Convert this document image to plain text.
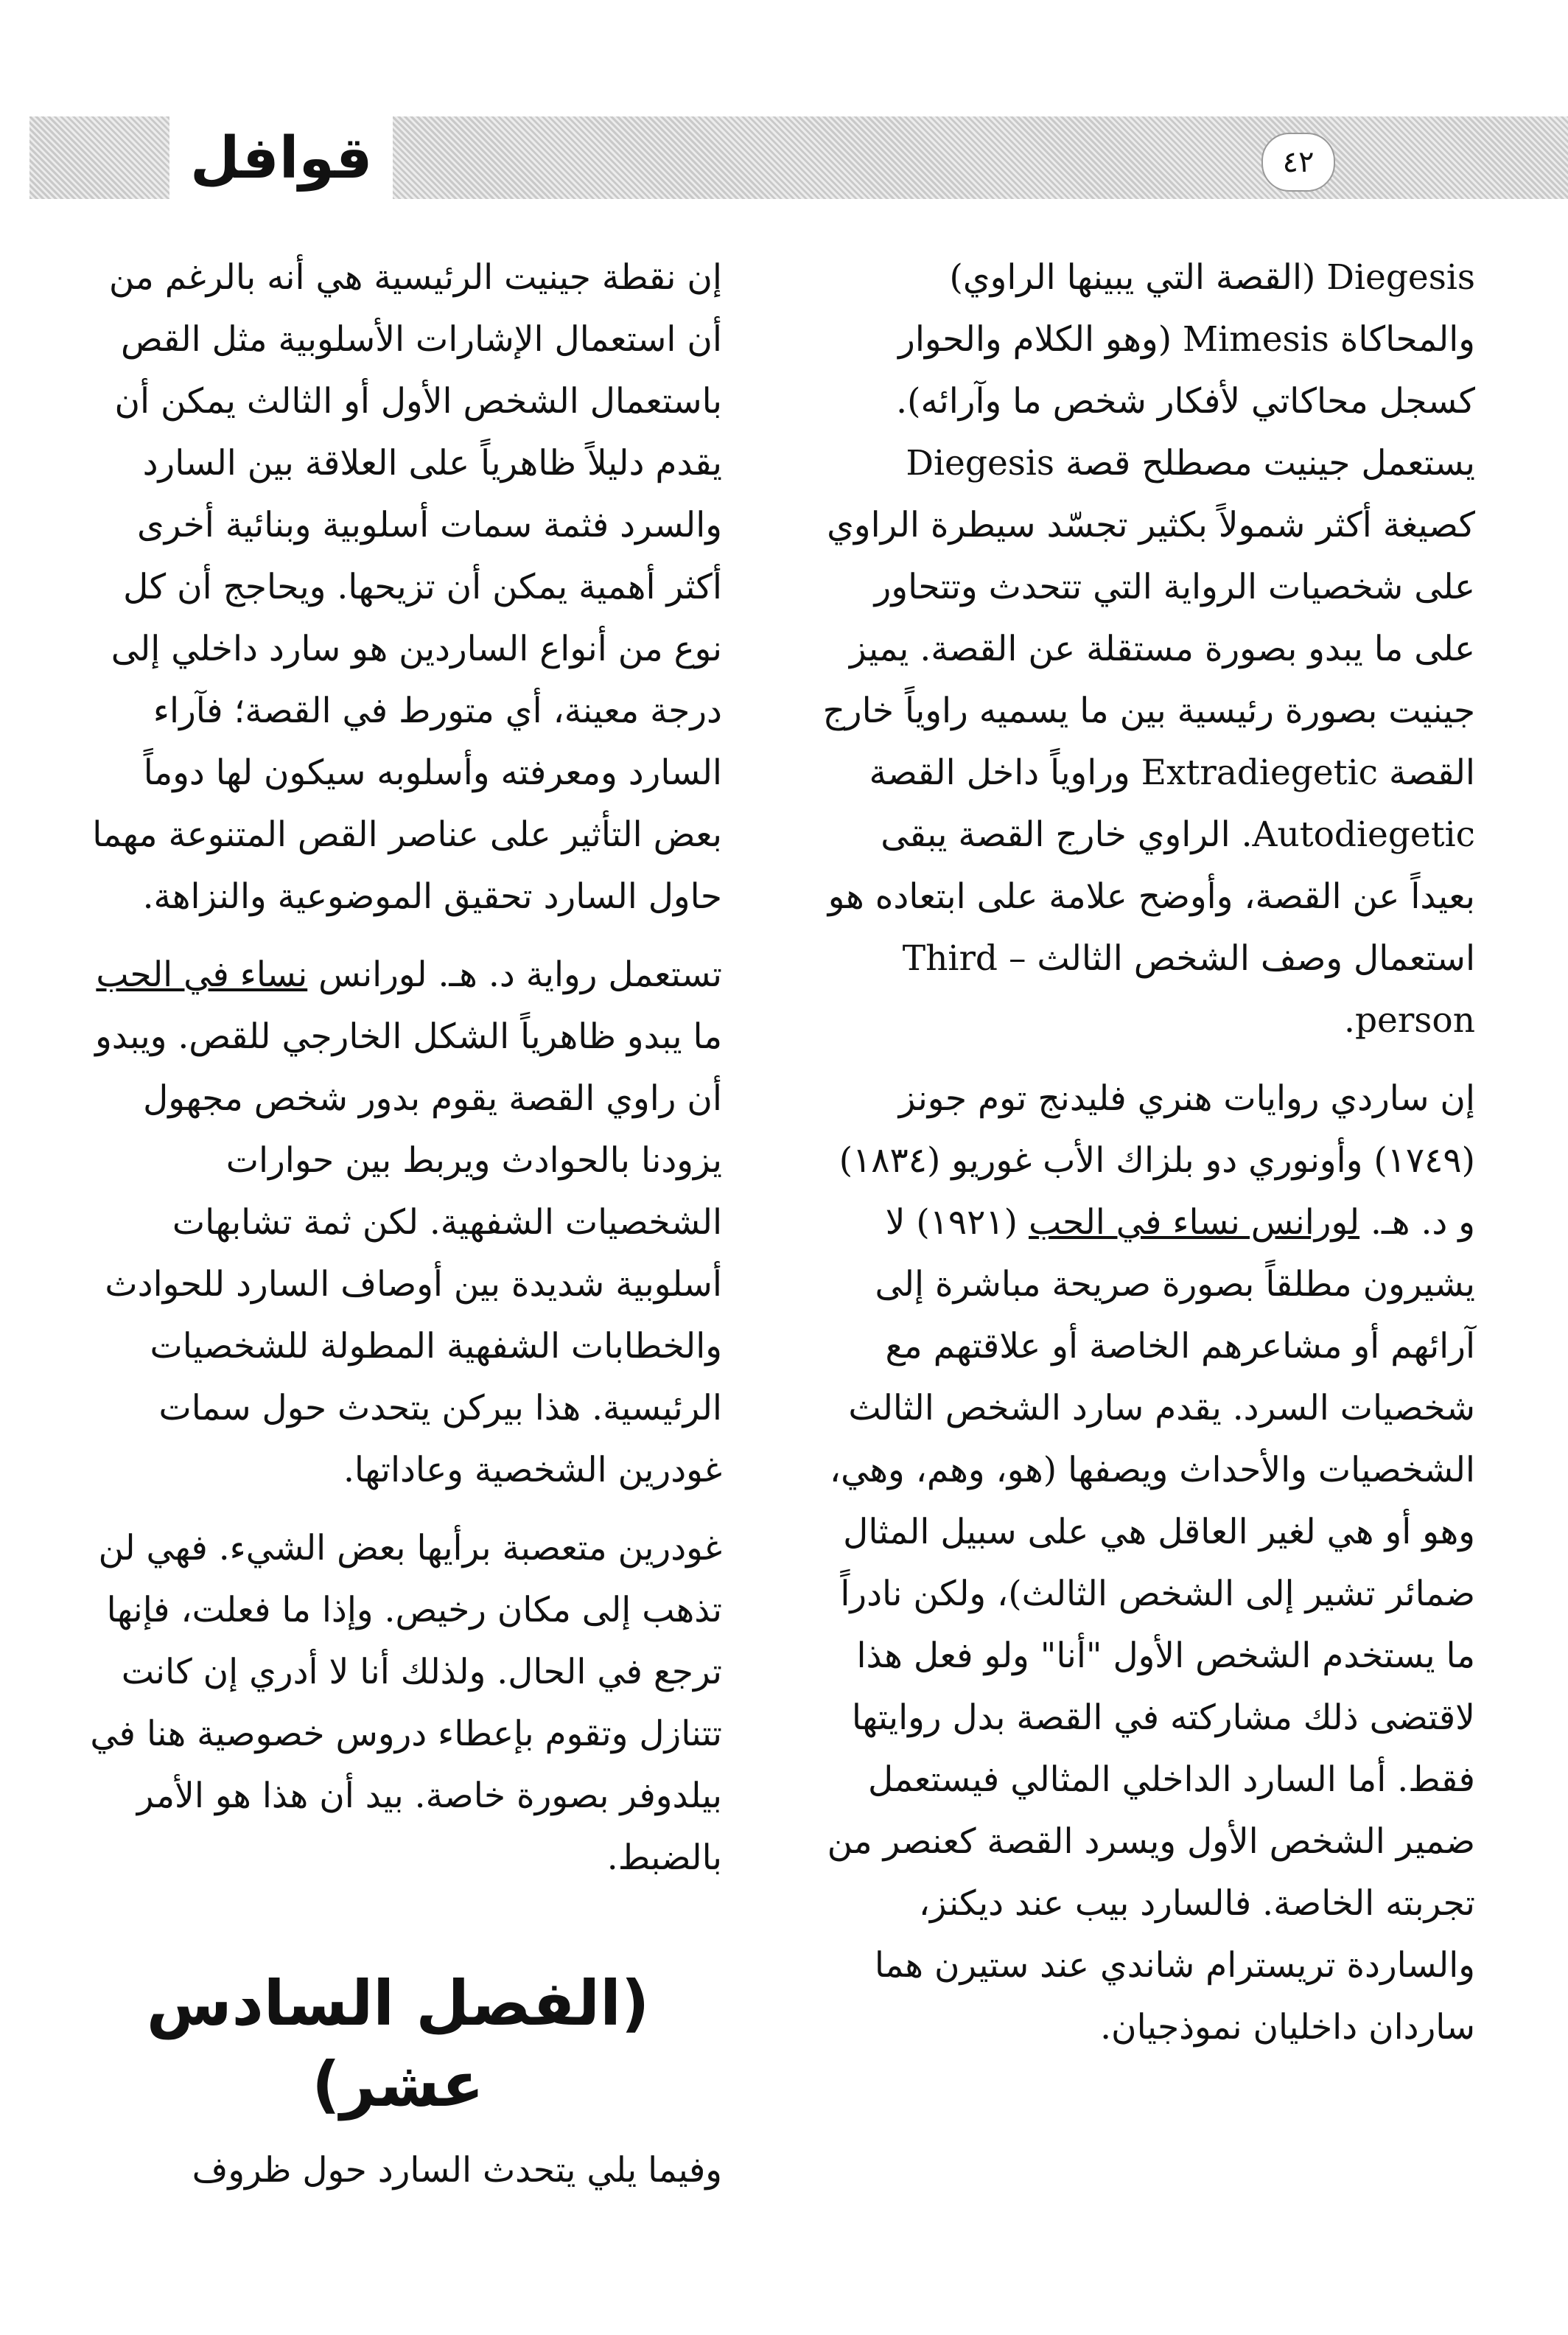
٤٢
قوافل

Diegesis (القصة التي يبينها الراوي) والمحاكاة Mimesis (وهو الكلام والحوار كسجل محاكاتي لأفكار شخص ما وآرائه). يستعمل جينيت مصطلح قصة Diegesis كصيغة أكثر شمولاً بكثير تجسّد سيطرة الراوي على شخصيات الرواية التي تتحدث وتتحاور على ما يبدو بصورة مستقلة عن القصة. يميز جينيت بصورة رئيسية بين ما يسميه راوياً خارج القصة Extradiegetic وراوياً داخل القصة Autodiegetic. الراوي خارج القصة يبقى بعيداً عن القصة، وأوضح علامة على ابتعاده هو استعمال وصف الشخص الثالث Third – person.

إن ساردي روايات هنري فليدنج توم جونز (١٧٤٩) وأونوري دو بلزاك الأب غوريو (١٨٣٤) و د. هـ. لورانس نساء في الحب (١٩٢١) لا يشيرون مطلقاً بصورة صريحة مباشرة إلى آرائهم أو مشاعرهم الخاصة أو علاقتهم مع شخصيات السرد. يقدم سارد الشخص الثالث الشخصيات والأحداث ويصفها (هو، وهم، وهي، وهو أو هي لغير العاقل هي على سبيل المثال ضمائر تشير إلى الشخص الثالث)، ولكن نادراً ما يستخدم الشخص الأول "أنا" ولو فعل هذا لاقتضى ذلك مشاركته في القصة بدل روايتها فقط. أما السارد الداخلي المثالي فيستعمل ضمير الشخص الأول ويسرد القصة كعنصر من تجربته الخاصة. فالسارد بيب عند ديكنز، والساردة تريسترام شاندي عند ستيرن هما ساردان داخليان نموذجيان.

إن نقطة جينيت الرئيسية هي أنه بالرغم من أن استعمال الإشارات الأسلوبية مثل القص باستعمال الشخص الأول أو الثالث يمكن أن يقدم دليلاً ظاهرياً على العلاقة بين السارد والسرد فثمة سمات أسلوبية وبنائية أخرى أكثر أهمية يمكن أن تزيحها. ويحاجج أن كل نوع من أنواع الساردين هو سارد داخلي إلى درجة معينة، أي متورط في القصة؛ فآراء السارد ومعرفته وأسلوبه سيكون لها دوماً بعض التأثير على عناصر القص المتنوعة مهما حاول السارد تحقيق الموضوعية والنزاهة.

تستعمل رواية د. هـ. لورانس نساء في الحب ما يبدو ظاهرياً الشكل الخارجي للقص. ويبدو أن راوي القصة يقوم بدور شخص مجهول يزودنا بالحوادث ويربط بين حوارات الشخصيات الشفهية. لكن ثمة تشابهات أسلوبية شديدة بين أوصاف السارد للحوادث والخطابات الشفهية المطولة للشخصيات الرئيسية. هذا بيركن يتحدث حول سمات غودرين الشخصية وعاداتها.

غودرين متعصبة برأيها بعض الشيء. فهي لن تذهب إلى مكان رخيص. وإذا ما فعلت، فإنها ترجع في الحال. ولذلك أنا لا أدري إن كانت تتنازل وتقوم بإعطاء دروس خصوصية هنا في بيلدوفر بصورة خاصة. بيد أن هذا هو الأمر بالضبط.

(الفصل السادس عشر)

وفيما يلي يتحدث السارد حول ظروف
